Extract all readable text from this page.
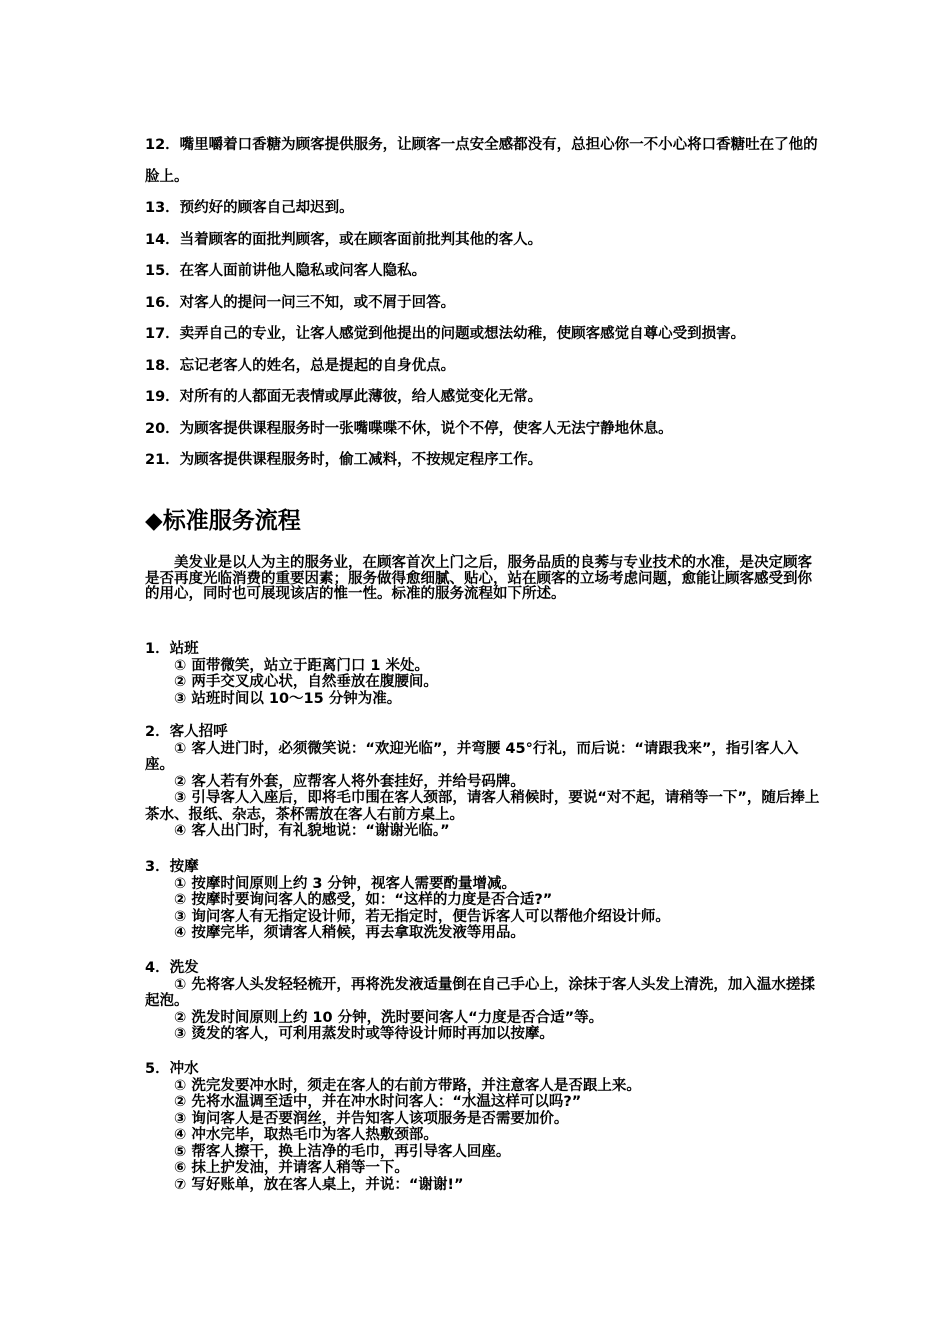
12．嘴里嚼着口香糖为顾客提供服务，让顾客一点安全感都没有，总担心你一不小心将口香糖吐在了他的脸上。

13．预约好的顾客自己却迟到。

14．当着顾客的面批判顾客，或在顾客面前批判其他的客人。

15．在客人面前讲他人隐私或问客人隐私。

16．对客人的提问一问三不知，或不屑于回答。

17．卖弄自己的专业，让客人感觉到他提出的问题或想法幼稚，使顾客感觉自尊心受到损害。

18．忘记老客人的姓名，总是提起的自身优点。

19．对所有的人都面无表情或厚此薄彼，给人感觉变化无常。

20．为顾客提供课程服务时一张嘴喋喋不休，说个不停，使客人无法宁静地休息。

21．为顾客提供课程服务时，偷工减料，不按规定程序工作。

◆标准服务流程

美发业是以人为主的服务业，在顾客首次上门之后，服务品质的良莠与专业技术的水准，是决定顾客是否再度光临消费的重要因素；服务做得愈细腻、贴心，站在顾客的立场考虑问题，愈能让顾客感受到你的用心，同时也可展现该店的惟一性。标准的服务流程如下所述。

1．站班

① 面带微笑，站立于距离门口 1 米处。

② 两手交叉成心状，自然垂放在腹腰间。

③ 站班时间以 10～15 分钟为准。

2．客人招呼

① 客人进门时，必须微笑说：“欢迎光临”，并弯腰 45°行礼，而后说：“请跟我来”，指引客人入座。

② 客人若有外套，应帮客人将外套挂好，并给号码牌。

③ 引导客人入座后，即将毛巾围在客人颈部，请客人稍候时，要说“对不起，请稍等一下”，随后捧上茶水、报纸、杂志，茶杯需放在客人右前方桌上。

④ 客人出门时，有礼貌地说：“谢谢光临。”

3．按摩

① 按摩时间原则上约 3 分钟，视客人需要酌量增减。

② 按摩时要询问客人的感受，如：“这样的力度是否合适?”

③ 询问客人有无指定设计师，若无指定时，便告诉客人可以帮他介绍设计师。

④ 按摩完毕，须请客人稍候，再去拿取洗发液等用品。

4．洗发

① 先将客人头发轻轻梳开，再将洗发液适量倒在自己手心上，涂抹于客人头发上清洗，加入温水搓揉起泡。

② 洗发时间原则上约 10 分钟，洗时要问客人“力度是否合适”等。

③ 烫发的客人，可利用蒸发时或等待设计师时再加以按摩。

5．冲水

① 洗完发要冲水时，须走在客人的右前方带路，并注意客人是否跟上来。

② 先将水温调至适中，并在冲水时问客人：“水温这样可以吗?”

③ 询问客人是否要润丝，并告知客人该项服务是否需要加价。

④ 冲水完毕，取热毛巾为客人热敷颈部。

⑤ 帮客人擦干，换上洁净的毛巾，再引导客人回座。

⑥ 抹上护发油，并请客人稍等一下。

⑦ 写好账单，放在客人桌上，并说：“谢谢!”
